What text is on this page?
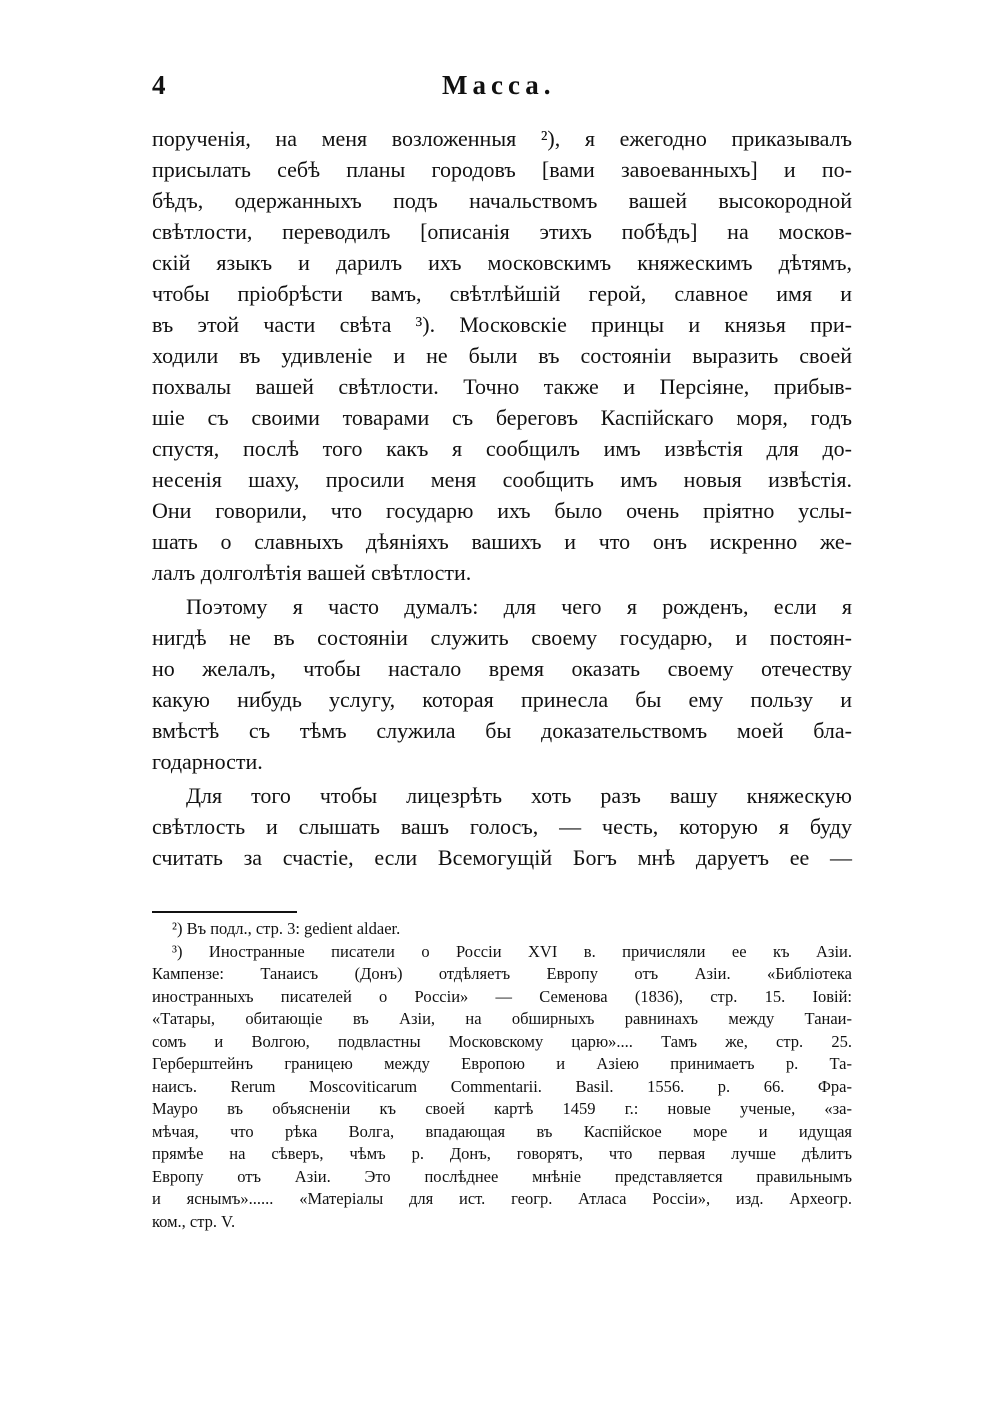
4	Масса.
порученія, на меня возложенныя ²), я ежегодно приказывалъ
присылать себѣ планы городовъ [вами завоеванныхъ] и по-
бѣдъ, одержанныхъ подъ начальствомъ вашей высокородной
свѣтлости, переводилъ [описанія этихъ побѣдъ] на москов-
скій языкъ и дарилъ ихъ московскимъ княжескимъ дѣтямъ,
чтобы пріобрѣсти вамъ, свѣтлѣйшій герой, славное имя и
въ этой части свѣта ³). Московскіе принцы и князья при-
ходили въ удивленіе и не были въ состояніи выразить своей
похвалы вашей свѣтлости. Точно также и Персіяне, прибыв-
шіе съ своими товарами съ береговъ Каспійскаго моря, годъ
спустя, послѣ того какъ я сообщилъ имъ извѣстія для до-
несенія шаху, просили меня сообщить имъ новыя извѣстія.
Они говорили, что государю ихъ было очень пріятно услы-
шать о славныхъ дѣяніяхъ вашихъ и что онъ искренно же-
лалъ долголѣтія вашей свѣтлости.
Поэтому я часто думалъ: для чего я рожденъ, если я
нигдѣ не въ состояніи служить своему государю, и постоян-
но желалъ, чтобы настало время оказать своему отечеству
какую нибудь услугу, которая принесла бы ему пользу и
вмѣстѣ съ тѣмъ служила бы доказательствомъ моей бла-
годарности.
Для того чтобы лицезрѣть хоть разъ вашу княжескую
свѣтлость и слышать вашъ голосъ, — честь, которую я буду
считать за счастіе, если Всемогущій Богъ мнѣ даруетъ ее —
²) Въ подл., стр. 3: gedient aldaer.
³) Иностранные писатели о Россіи XVI в. причисляли ее къ Азіи.
Кампензе: Танаисъ (Донъ) отдѣляетъ Европу отъ Азіи. «Библіотека
иностранныхъ писателей о Россіи» — Семенова (1836), стр. 15. Іовій:
«Татары, обитающіе въ Азіи, на обширныхъ равнинахъ между Танаи-
сомъ и Волгою, подвластны Московскому царю».... Тамъ же, стр. 25.
Герберштейнъ границею между Европою и Азіею принимаетъ р. Та-
наисъ. Rerum Moscoviticarum Commentarii. Basil. 1556. p. 66. Фра-
Мауро въ объясненіи къ своей картѣ 1459 г.: новые ученые, «за-
мѣчая, что рѣка Волга, впадающая въ Каспійское море и идущая
прямѣе на сѣверъ, чѣмъ р. Донъ, говорятъ, что первая лучше дѣлитъ
Европу отъ Азіи. Это послѣднее мнѣніе представляется правильнымъ
и яснымъ»...... «Матеріалы для ист. геогр. Атласа Россіи», изд. Археогр.
ком., стр. V.
